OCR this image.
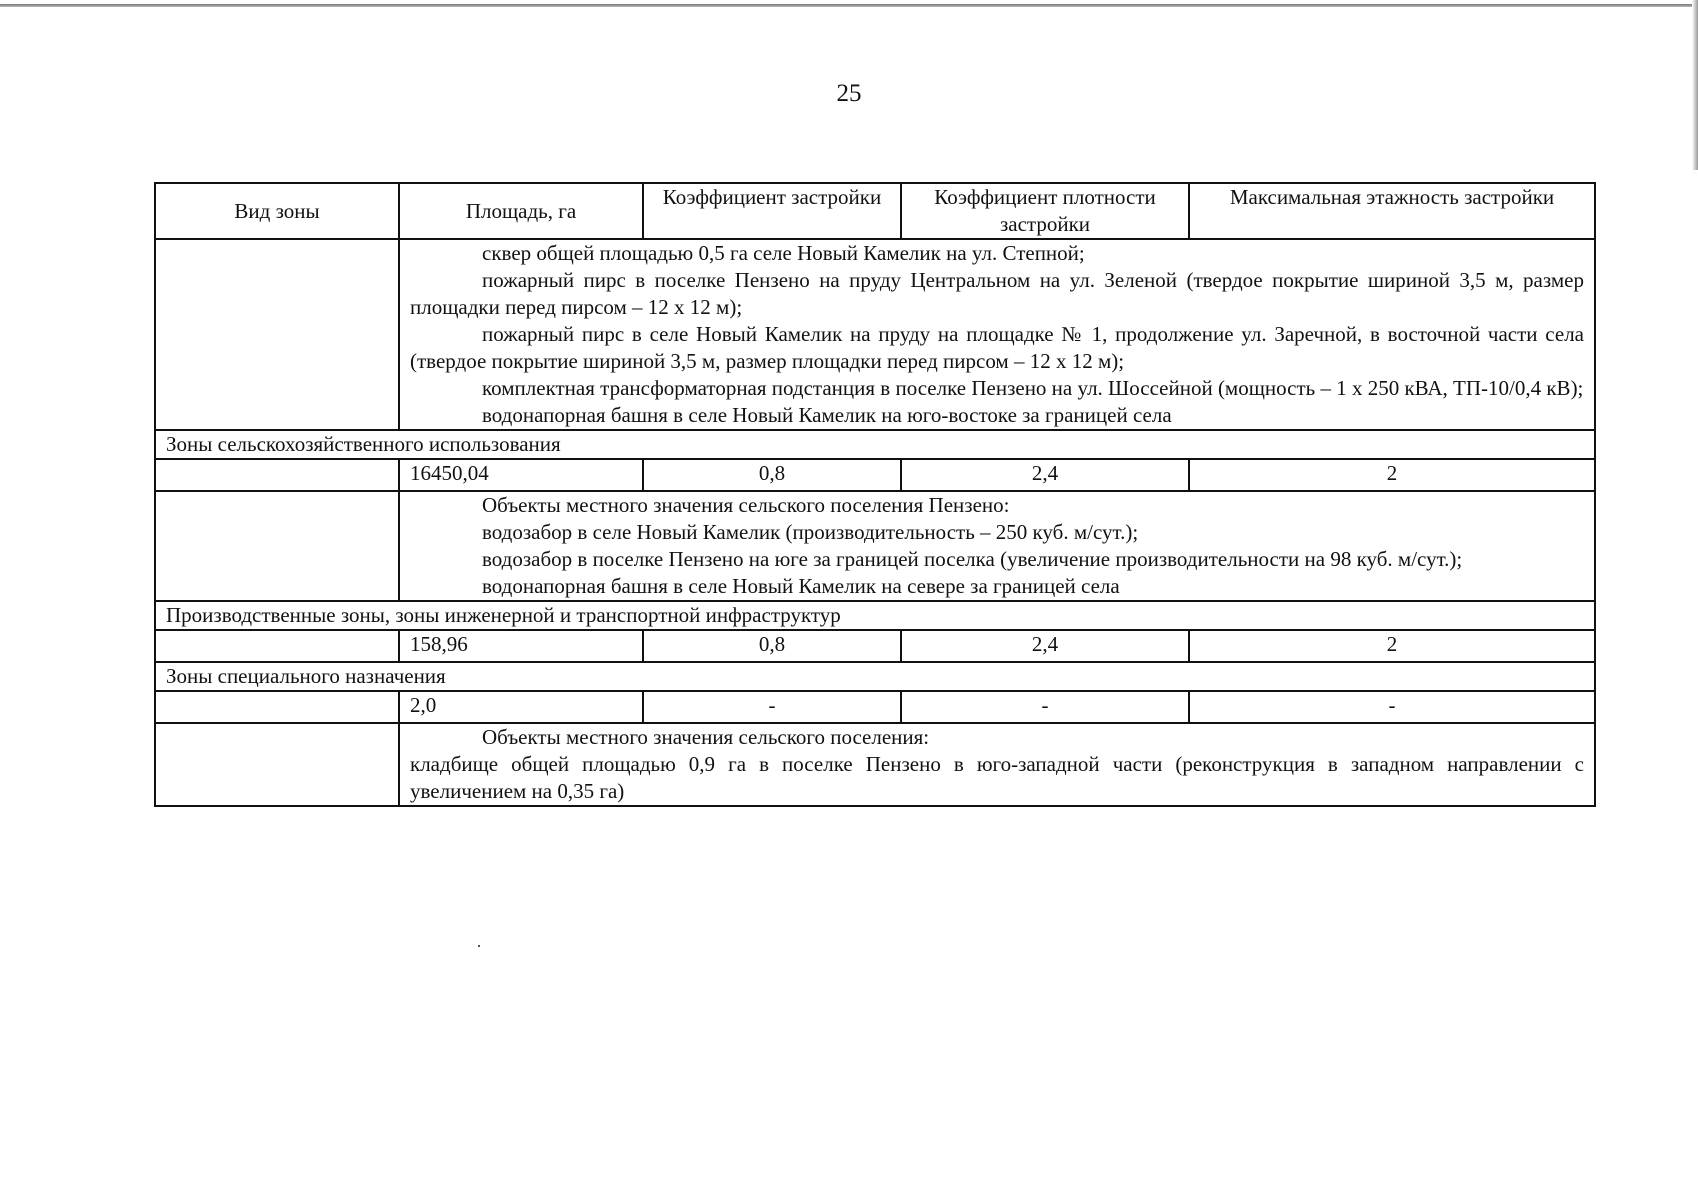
25
Вид зоны	Площадь, га	Коэффициент застройки	Коэффициент плотности застройки	Максимальная этажность застройки

	сквер общей площадью 0,5 га селе Новый Камелик на ул. Степной;
пожарный пирс в поселке Пензено на пруду Центральном на ул. Зеленой (твердое покрытие шириной 3,5 м, размер площадки перед пирсом – 12 х 12 м);
пожарный пирс в селе Новый Камелик на пруду на площадке № 1, продолжение ул. Заречной, в восточной части села (твердое покрытие шириной 3,5 м, размер площадки перед пирсом – 12 х 12 м);
комплектная трансформаторная подстанция в поселке Пензено на ул. Шоссейной (мощность – 1 х 250 кВА, ТП-10/0,4 кВ);
водонапорная башня в селе Новый Камелик на юго-востоке за границей села			

Зоны сельскохозяйственного использования				
	16450,04	0,8	2,4	2

	Объекты местного значения сельского поселения Пензено:
водозабор в селе Новый Камелик (производительность – 250 куб. м/сут.);
водозабор в поселке Пензено на юге за границей поселка (увеличение производительности на 98 куб. м/сут.);
водонапорная башня в селе Новый Камелик на севере за границей села			

Производственные зоны, зоны инженерной и транспортной инфраструктур				
	158,96	0,8	2,4	2
Зоны специального назначения				
	2,0	-	-	-

	Объекты местного значения сельского поселения:
кладбище общей площадью 0,9 га в поселке Пензено в юго-западной части (реконструкция в западном направлении с увеличением на 0,35 га)			
